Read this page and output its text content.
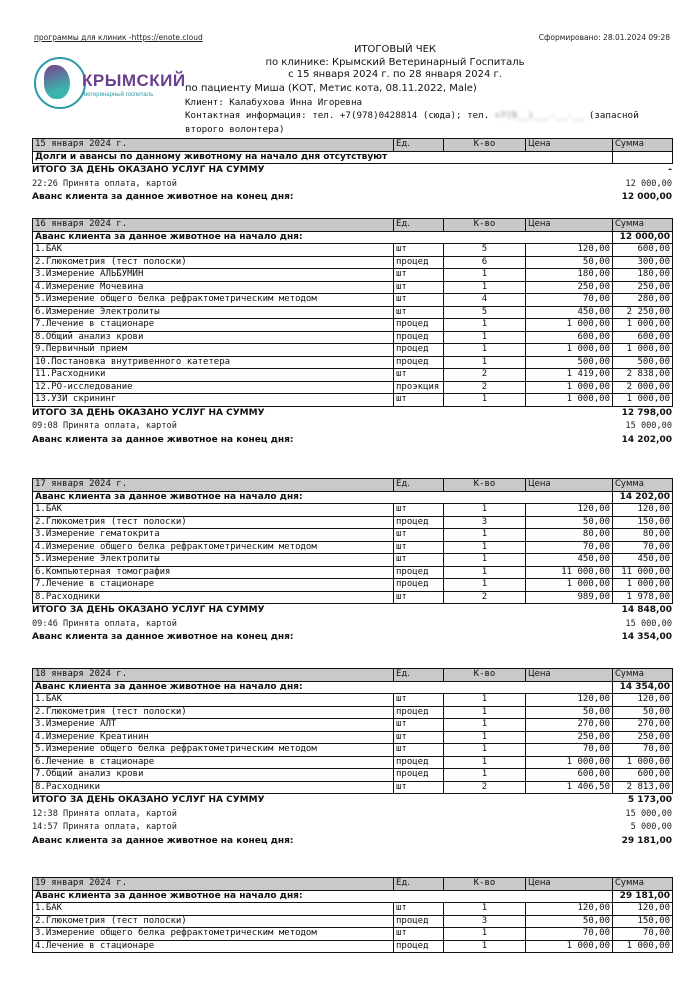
программы для клиник -https://enote.cloud	Сформировано: 28.01.2024 09:28
ИТОГОВЫЙ ЧЕК
по клинике: Крымский Ветеринарный Госпиталь
с 15 января 2024 г. по 28 января 2024 г.
КРЫМСКИЙ
ветеринарный госпиталь
по пациенту Миша (КОТ, Метис кота, 08.11.2022, Male)
Клиент: Калабухова Инна Игоревна
Контактная информация: тел. +7(978)0428814 (сюда); тел. +7(9__)___-__-__ (запасной второго волонтера)
15 января 2024 г.	Ед.	К-во	Цена	Сумма
Долги и авансы по данному животному на начало дня отсутствуют				
ИТОГО ЗА ДЕНЬ ОКАЗАНО УСЛУГ НА СУММУ	-
22:26 Принята оплата, картой	12 000,00
Аванс клиента за данное животное на конец дня:	12 000,00
16 января 2024 г.	Ед.	К-во	Цена	Сумма
Аванс клиента за данное животное на начало дня:				12 000,00
1.БАК	шт	5	120,00	600,00
2.Глюкометрия (тест полоски)	процед	6	50,00	300,00
3.Измерение АЛЬБУМИН	шт	1	180,00	180,00
4.Измерение Мочевина	шт	1	250,00	250,00
5.Измерение общего белка рефрактометрическим методом	шт	4	70,00	280,00
6.Измерение Электролиты	шт	5	450,00	2 250,00
7.Лечение в стационаре	процед	1	1 000,00	1 000,00
8.Общий анализ крови	процед	1	600,00	600,00
9.Первичный прием	процед	1	1 000,00	1 000,00
10.Постановка внутривенного катетера	процед	1	500,00	500,00
11.Расходники	шт	2	1 419,00	2 838,00
12.РО-исследование	проэкция	2	1 000,00	2 000,00
13.УЗИ скрининг	шт	1	1 000,00	1 000,00
ИТОГО ЗА ДЕНЬ ОКАЗАНО УСЛУГ НА СУММУ	12 798,00
09:08 Принята оплата, картой	15 000,00
Аванс клиента за данное животное на конец дня:	14 202,00
17 января 2024 г.	Ед.	К-во	Цена	Сумма
Аванс клиента за данное животное на начало дня:				14 202,00
1.БАК	шт	1	120,00	120,00
2.Глюкометрия (тест полоски)	процед	3	50,00	150,00
3.Измерение гематокрита	шт	1	80,00	80,00
4.Измерение общего белка рефрактометрическим методом	шт	1	70,00	70,00
5.Измерение Электролиты	шт	1	450,00	450,00
6.Компьютерная томография	процед	1	11 000,00	11 000,00
7.Лечение в стационаре	процед	1	1 000,00	1 000,00
8.Расходники	шт	2	989,00	1 978,00
ИТОГО ЗА ДЕНЬ ОКАЗАНО УСЛУГ НА СУММУ	14 848,00
09:46 Принята оплата, картой	15 000,00
Аванс клиента за данное животное на конец дня:	14 354,00
18 января 2024 г.	Ед.	К-во	Цена	Сумма
Аванс клиента за данное животное на начало дня:				14 354,00
1.БАК	шт	1	120,00	120,00
2.Глюкометрия (тест полоски)	процед	1	50,00	50,00
3.Измерение АЛТ	шт	1	270,00	270,00
4.Измерение Креатинин	шт	1	250,00	250,00
5.Измерение общего белка рефрактометрическим методом	шт	1	70,00	70,00
6.Лечение в стационаре	процед	1	1 000,00	1 000,00
7.Общий анализ крови	процед	1	600,00	600,00
8.Расходники	шт	2	1 406,50	2 813,00
ИТОГО ЗА ДЕНЬ ОКАЗАНО УСЛУГ НА СУММУ	5 173,00
12:38 Принята оплата, картой	15 000,00
14:57 Принята оплата, картой	5 000,00
Аванс клиента за данное животное на конец дня:	29 181,00
19 января 2024 г.	Ед.	К-во	Цена	Сумма
Аванс клиента за данное животное на начало дня:				29 181,00
1.БАК	шт	1	120,00	120,00
2.Глюкометрия (тест полоски)	процед	3	50,00	150,00
3.Измерение общего белка рефрактометрическим методом	шт	1	70,00	70,00
4.Лечение в стационаре	процед	1	1 000,00	1 000,00
